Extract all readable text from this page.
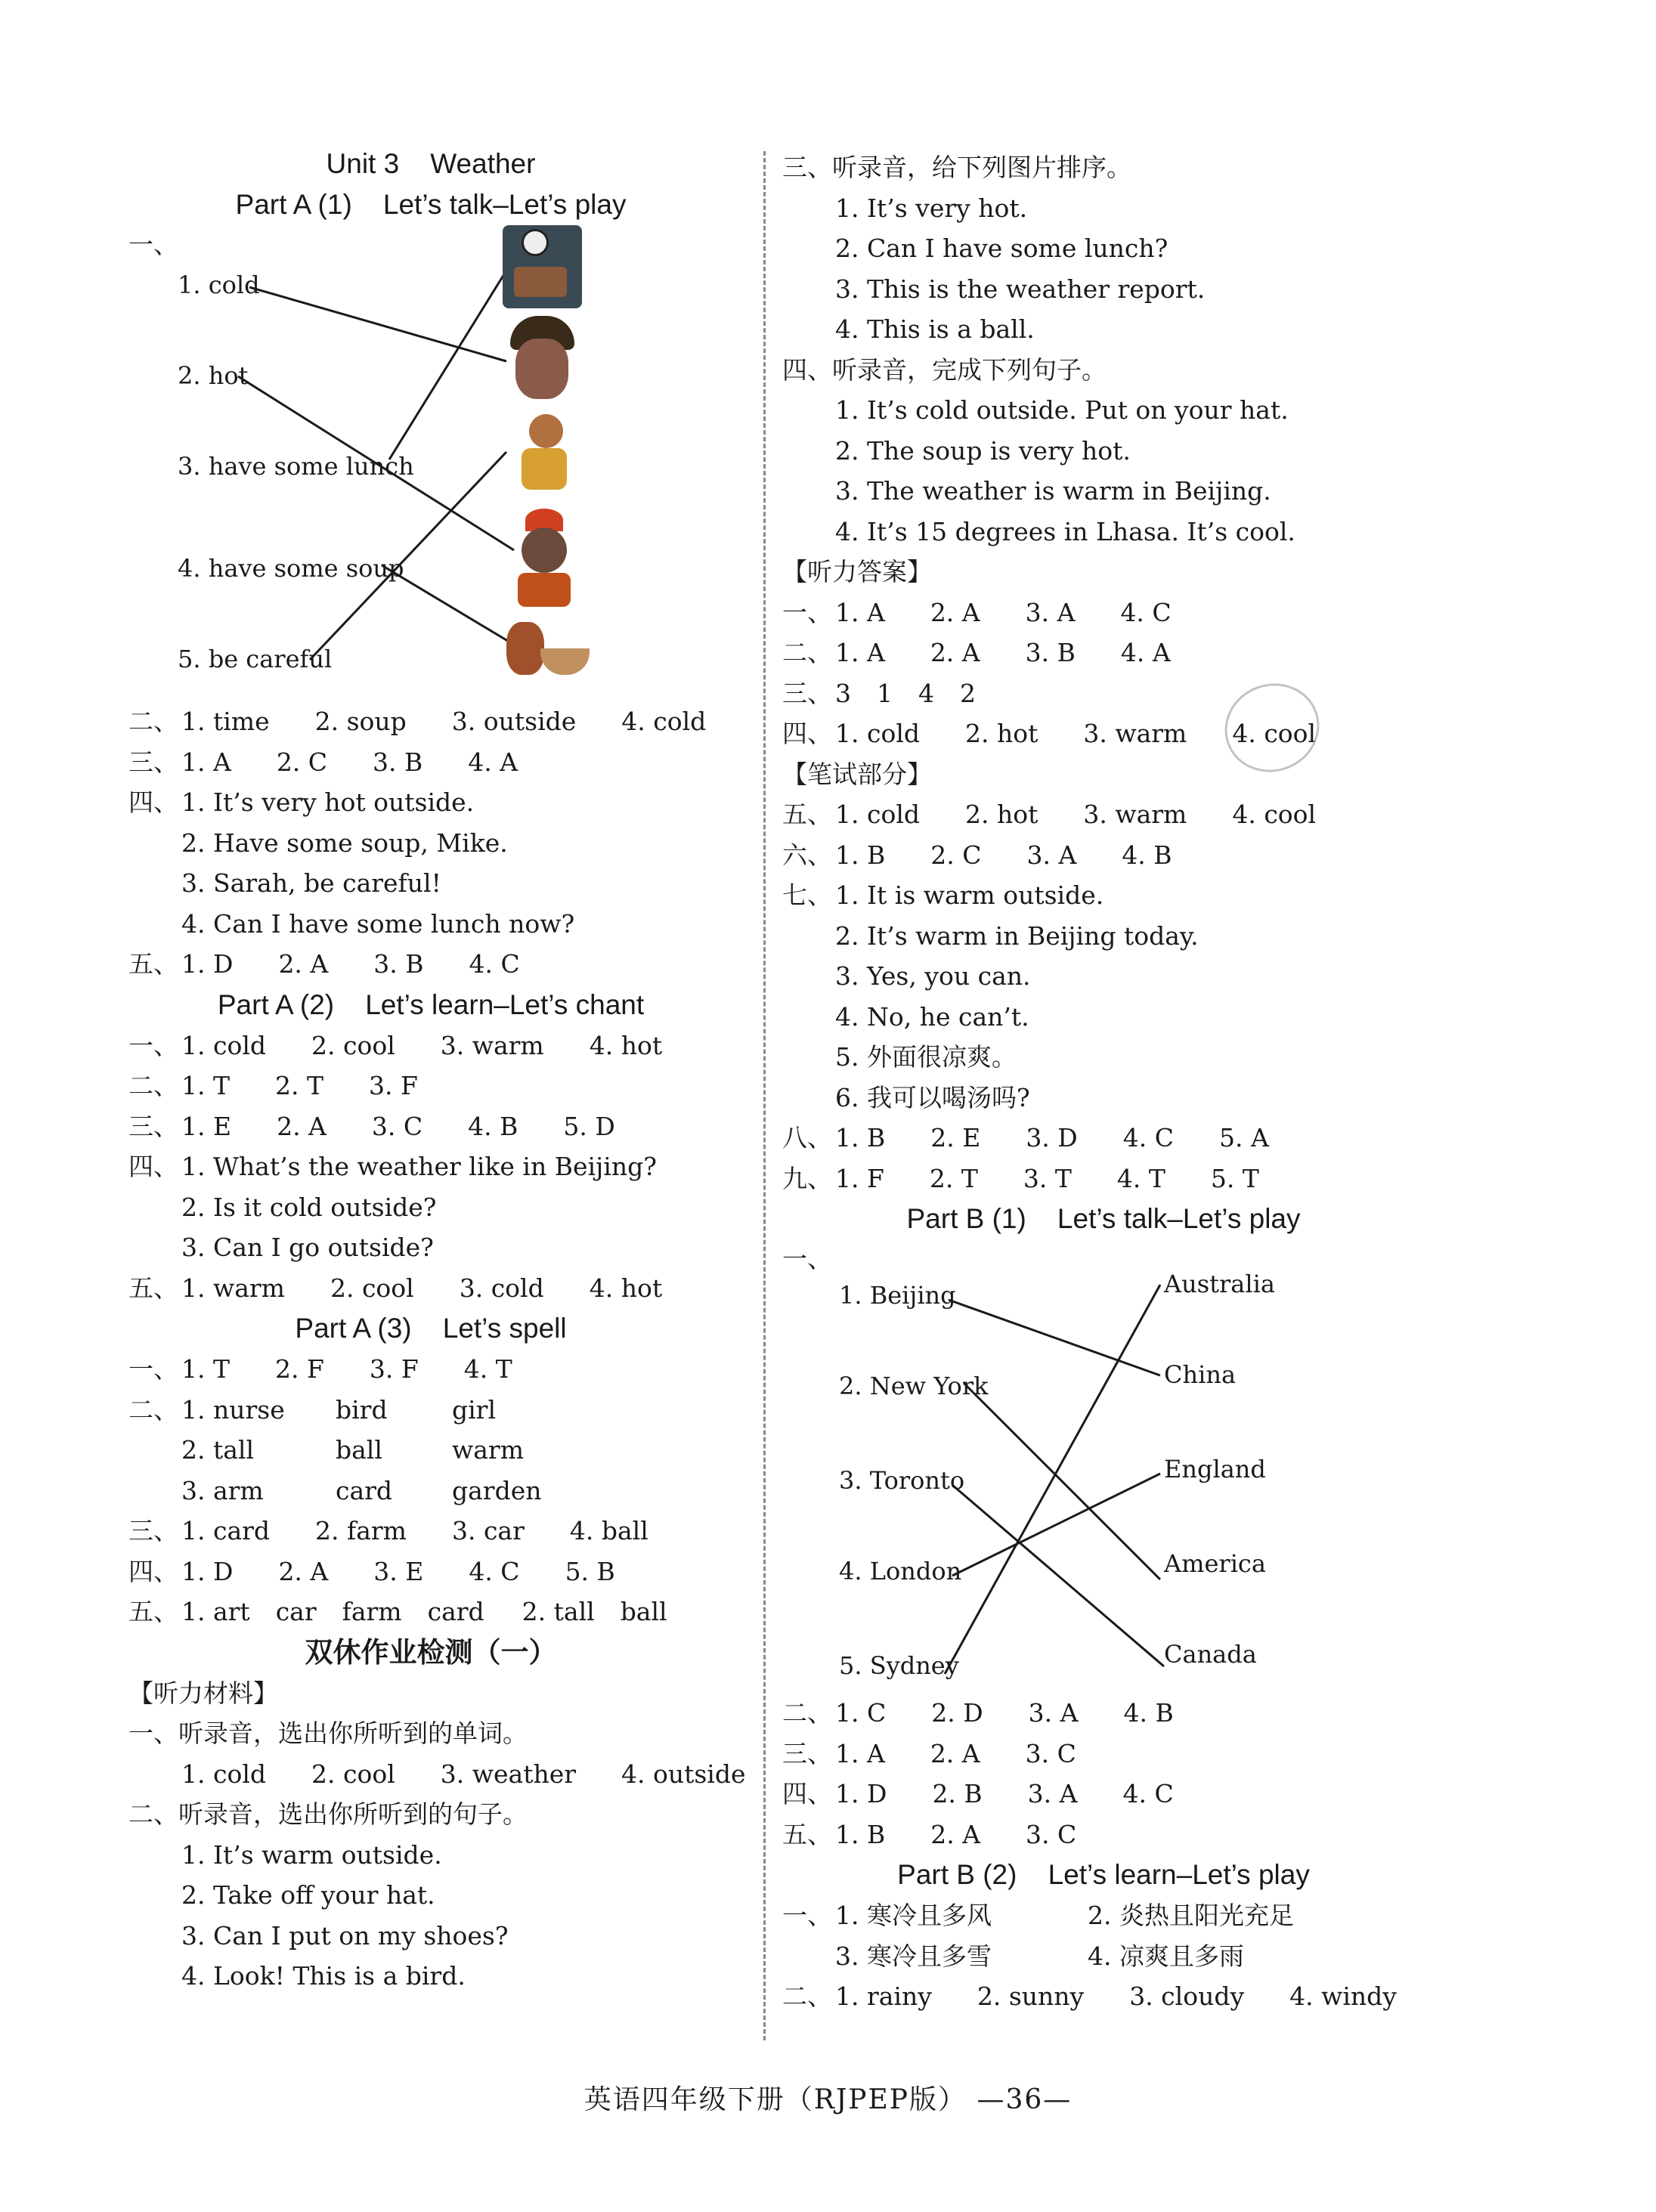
Unit 3    Weather
Part A (1)    Let’s talk–Let’s play
一、
1. cold
2. hot
3. have some lunch
4. have some soup
5. be careful
二、 1. time 2. soup 3. outside 4. cold
三、 1. A 2. C 3. B 4. A
四、 1. It’s very hot outside.
2. Have some soup, Mike.
3. Sarah, be careful!
4. Can I have some lunch now?
五、 1. D 2. A 3. B 4. C
Part A (2)    Let’s learn–Let’s chant
一、 1. cold 2. cool 3. warm 4. hot
二、 1. T 2. T 3. F
三、 1. E 2. A 3. C 4. B 5. D
四、 1. What’s the weather like in Beijing?
2. Is it cold outside?
3. Can I go outside?
五、 1. warm 2. cool 3. cold 4. hot
Part A (3)    Let’s spell
一、 1. T 2. F 3. F 4. T
二、 1. nurse bird	girl
2. tall	ball	warm
3. arm	card garden
三、 1. card 2. farm 3. car 4. ball
四、 1. D 2. A 3. E 4. C 5. B
五、 1. art car farm card 2. tall ball
双休作业检测（一）
【听力材料】
一、听录音，选出你所听到的单词。
1. cold 2. cool 3. weather 4. outside
二、听录音，选出你所听到的句子。
1. It’s warm outside.
2. Take off your hat.
3. Can I put on my shoes?
4. Look! This is a bird.
三、听录音，给下列图片排序。
1. It’s very hot.
2. Can I have some lunch?
3. This is the weather report.
4. This is a ball.
四、听录音，完成下列句子。
1. It’s cold outside. Put on your hat.
2. The soup is very hot.
3. The weather is warm in Beijing.
4. It’s 15 degrees in Lhasa. It’s cool.
【听力答案】
一、 1. A 2. A 3. A 4. C
二、 1. A 2. A 3. B 4. A
三、 3 1 4 2
四、 1. cold 2. hot 3. warm 4. cool
【笔试部分】
五、 1. cold 2. hot 3. warm 4. cool
六、 1. B 2. C 3. A 4. B
七、 1. It is warm outside.
2. It’s warm in Beijing today.
3. Yes, you can.
4. No, he can’t.
5. 外面很凉爽。
6. 我可以喝汤吗?
八、 1. B 2. E 3. D 4. C 5. A
九、 1. F 2. T 3. T 4. T 5. T
Part B (1)    Let’s talk–Let’s play
一、
1. Beijing
2. New York
3. Toronto
4. London
5. Sydney
Australia
China
England
America
Canada
二、 1. C 2. D 3. A 4. B
三、 1. A 2. A 3. C
四、 1. D 2. B 3. A 4. C
五、 1. B 2. A 3. C
Part B (2)    Let’s learn–Let’s play
一、 1. 寒冷且多风	2. 炎热且阳光充足
3. 寒冷且多雪	4. 凉爽且多雨
二、 1. rainy 2. sunny 3. cloudy 4. windy
英语四年级下册（RJPEP版） —36—
